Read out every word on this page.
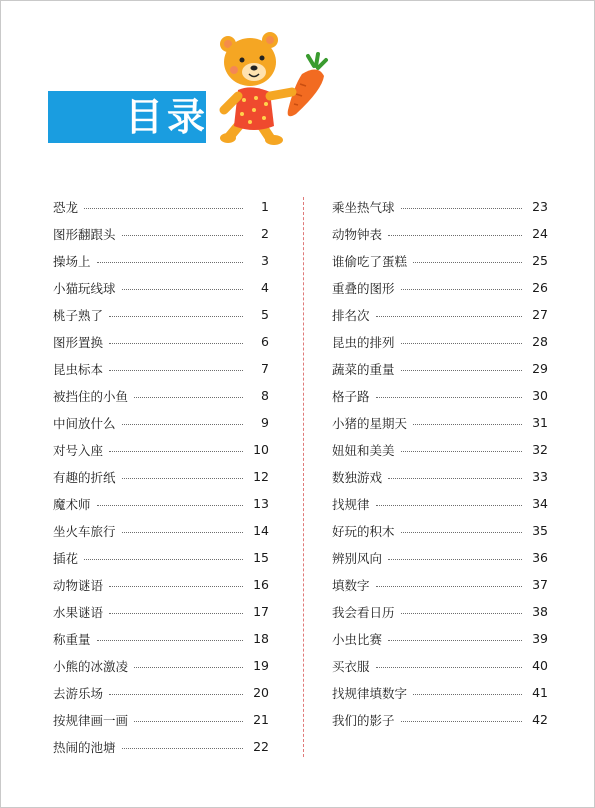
目录
恐龙	1
图形翻跟头	2
操场上	3
小猫玩线球	4
桃子熟了	5
图形置换	6
昆虫标本	7
被挡住的小鱼	8
中间放什么	9
对号入座	10
有趣的折纸	12
魔术师	13
坐火车旅行	14
插花	15
动物谜语	16
水果谜语	17
称重量	18
小熊的冰激凌	19
去游乐场	20
按规律画一画	21
热闹的池塘	22
乘坐热气球	23
动物钟表	24
谁偷吃了蛋糕	25
重叠的图形	26
排名次	27
昆虫的排列	28
蔬菜的重量	29
格子路	30
小猪的星期天	31
妞妞和美美	32
数独游戏	33
找规律	34
好玩的积木	35
辨别风向	36
填数字	37
我会看日历	38
小虫比赛	39
买衣服	40
找规律填数字	41
我们的影子	42
